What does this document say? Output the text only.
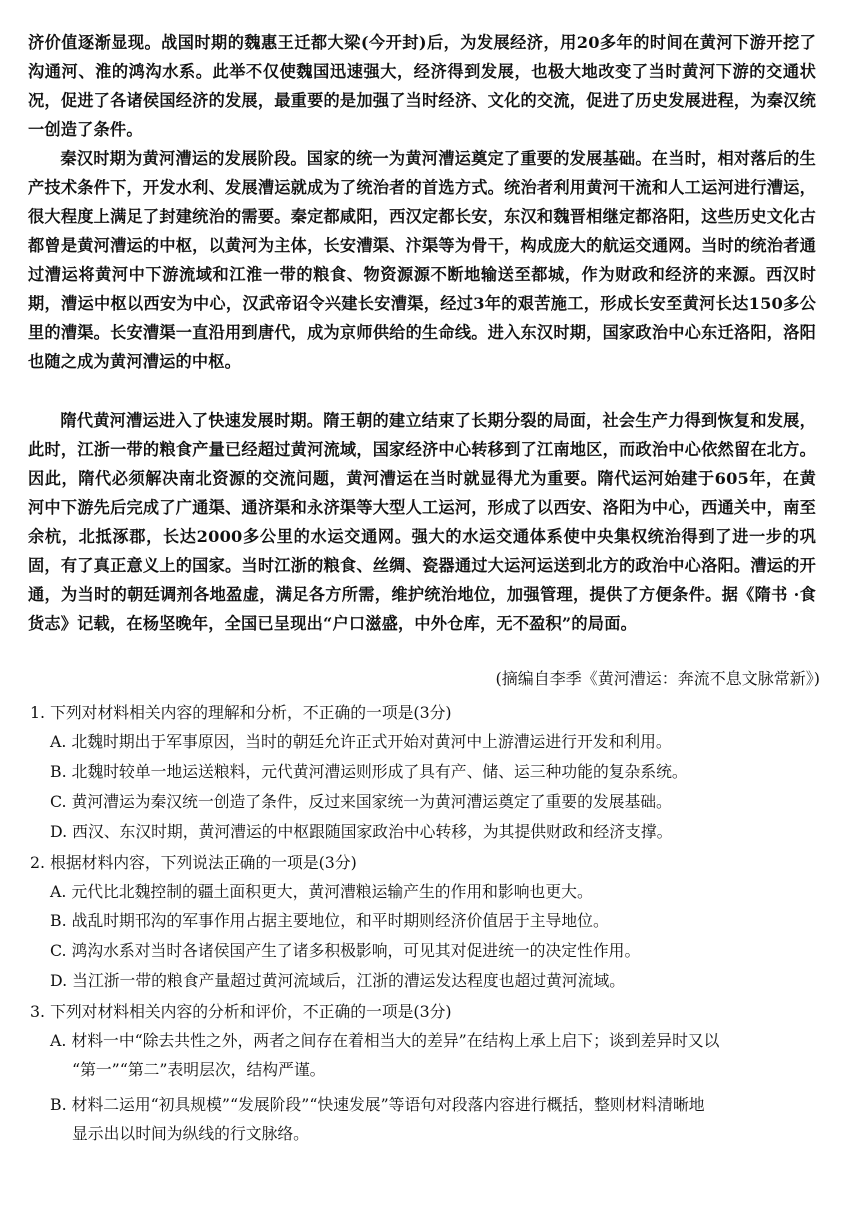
济价值逐渐显现。战国时期的魏惠王迁都大梁(今开封)后，为发展经济，用20多年的时间在黄河下游开挖了沟通河、淮的鸿沟水系。此举不仅使魏国迅速强大，经济得到发展，也极大地改变了当时黄河下游的交通状况，促进了各诸侯国经济的发展，最重要的是加强了当时经济、文化的交流，促进了历史发展进程，为秦汉统一创造了条件。

秦汉时期为黄河漕运的发展阶段。国家的统一为黄河漕运奠定了重要的发展基础。在当时，相对落后的生产技术条件下，开发水利、发展漕运就成为了统治者的首选方式。统治者利用黄河干流和人工运河进行漕运，很大程度上满足了封建统治的需要。秦定都咸阳，西汉定都长安，东汉和魏晋相继定都洛阳，这些历史文化古都曾是黄河漕运的中枢，以黄河为主体，长安漕渠、汴渠等为骨干，构成庞大的航运交通网。当时的统治者通过漕运将黄河中下游流域和江淮一带的粮食、物资源源不断地输送至都城，作为财政和经济的来源。西汉时期，漕运中枢以西安为中心，汉武帝诏令兴建长安漕渠，经过3年的艰苦施工，形成长安至黄河长达150多公里的漕渠。长安漕渠一直沿用到唐代，成为京师供给的生命线。进入东汉时期，国家政治中心东迁洛阳，洛阳也随之成为黄河漕运的中枢。

隋代黄河漕运进入了快速发展时期。隋王朝的建立结束了长期分裂的局面，社会生产力得到恢复和发展，此时，江浙一带的粮食产量已经超过黄河流域，国家经济中心转移到了江南地区，而政治中心依然留在北方。因此，隋代必须解决南北资源的交流问题，黄河漕运在当时就显得尤为重要。隋代运河始建于605年，在黄河中下游先后完成了广通渠、通济渠和永济渠等大型人工运河，形成了以西安、洛阳为中心，西通关中，南至余杭，北抵涿郡，长达2000多公里的水运交通网。强大的水运交通体系使中央集权统治得到了进一步的巩固，有了真正意义上的国家。当时江浙的粮食、丝绸、瓷器通过大运河运送到北方的政治中心洛阳。漕运的开通，为当时的朝廷调剂各地盈虚，满足各方所需，维护统治地位，加强管理，提供了方便条件。据《隋书 ·食货志》记载，在杨坚晚年，全国已呈现出“户口滋盛，中外仓库，无不盈积”的局面。

(摘编自李季《黄河漕运：奔流不息文脉常新》)

1. 下列对材料相关内容的理解和分析，不正确的一项是(3分)

A. 北魏时期出于军事原因，当时的朝廷允许正式开始对黄河中上游漕运进行开发和利用。

B. 北魏时较单一地运送粮料，元代黄河漕运则形成了具有产、储、运三种功能的复杂系统。

C. 黄河漕运为秦汉统一创造了条件，反过来国家统一为黄河漕运奠定了重要的发展基础。

D. 西汉、东汉时期，黄河漕运的中枢跟随国家政治中心转移，为其提供财政和经济支撑。

2. 根据材料内容，下列说法正确的一项是(3分)

A. 元代比北魏控制的疆土面积更大，黄河漕粮运输产生的作用和影响也更大。

B. 战乱时期邗沟的军事作用占据主要地位，和平时期则经济价值居于主导地位。

C. 鸿沟水系对当时各诸侯国产生了诸多积极影响，可见其对促进统一的决定性作用。

D. 当江浙一带的粮食产量超过黄河流域后，江浙的漕运发达程度也超过黄河流域。

3. 下列对材料相关内容的分析和评价，不正确的一项是(3分)

A. 材料一中“除去共性之外，两者之间存在着相当大的差异”在结构上承上启下；谈到差异时又以
“第一”“第二”表明层次，结构严谨。

B. 材料二运用“初具规模”“发展阶段”“快速发展”等语句对段落内容进行概括，整则材料清晰地
显示出以时间为纵线的行文脉络。
